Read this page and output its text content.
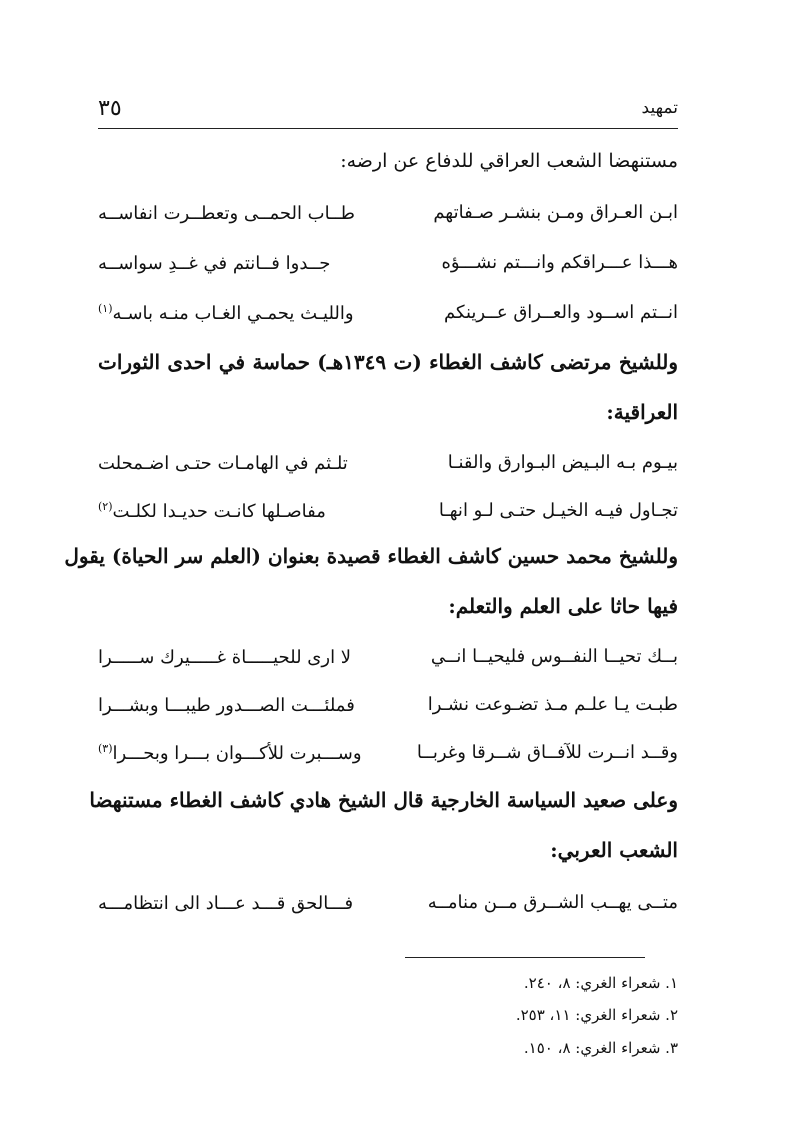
٣٥	تمهيد
مستنهضا الشعب العراقي للدفاع عن ارضه:
ابـن العـراق ومـن بنشـر صـفاتهم
طــاب الحمــى وتعطــرت انفاســه
هـــذا عـــراقكم وانـــتم نشـــؤه
جــدوا فــانتم في غــدِ سواســه
انــتم اســود والعــراق عــرينكم
والليـث يحمـي الغـاب منـه باسـه$^{(١)}$
وللشيخ مرتضى كاشف الغطاء (ت ١٣٤٩هـ) حماسة في احدى الثورات
العراقية:
بيـوم بـه البـيض البـوارق والقنـا
تلـثم في الهامـات حتـى اضـمحلت
تجـاول فيـه الخيـل حتـى لـو انهـا
مفاصـلها كانـت حديـدا لكلـت$^{(٢)}$
وللشيخ محمد حسين كاشف الغطاء قصيدة بعنوان (العلم سر الحياة) يقول
فيها حاثا على العلم والتعلم:
بــك تحيــا النفــوس فليحيــا انــي
لا ارى للحيـــــاة غـــــيرك ســـــرا
طبـت يـا علـم مـذ تضـوعت نشـرا
فملئـــت الصـــدور طيبـــا وبشـــرا
وقــد انــرت للآفــاق شــرقا وغربــا
وســـبرت للأكـــوان بـــرا وبحـــرا$^{(٣)}$
وعلى صعيد السياسة الخارجية قال الشيخ هادي كاشف الغطاء مستنهضا
الشعب العربي:
متــى يهــب الشــرق مــن منامــه
فـــالحق قـــد عـــاد الى انتظامـــه
١. شعراء الغري: ٨، ٢٤٠.
٢. شعراء الغري: ١١، ٢٥٣.
٣. شعراء الغري: ٨، ١٥٠.
